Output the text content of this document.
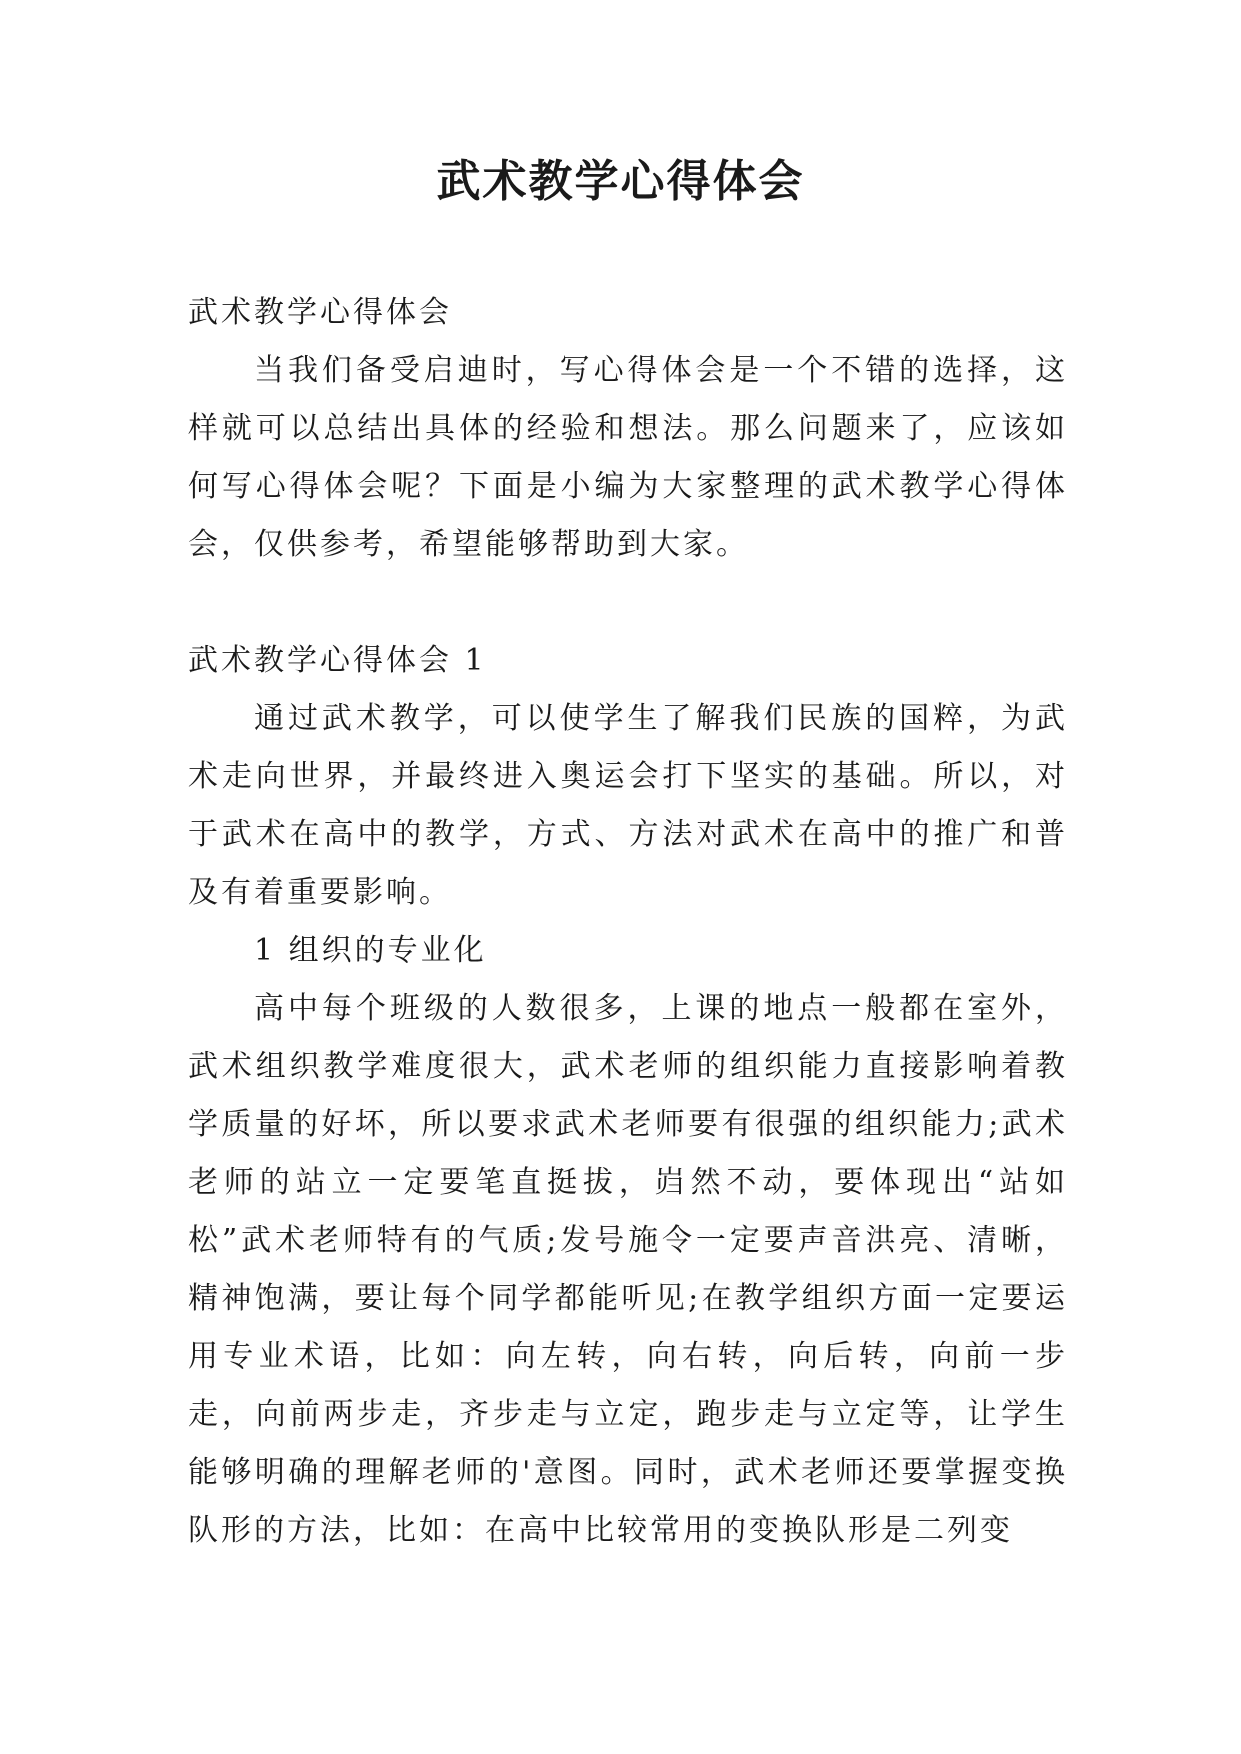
武术教学心得体会

武术教学心得体会

当我们备受启迪时，写心得体会是一个不错的选择，这样就可以总结出具体的经验和想法。那么问题来了，应该如何写心得体会呢？下面是小编为大家整理的武术教学心得体会，仅供参考，希望能够帮助到大家。

武术教学心得体会 1

通过武术教学，可以使学生了解我们民族的国粹，为武术走向世界，并最终进入奥运会打下坚实的基础。所以，对于武术在高中的教学，方式、方法对武术在高中的推广和普及有着重要影响。

1 组织的专业化

高中每个班级的人数很多，上课的地点一般都在室外，武术组织教学难度很大，武术老师的组织能力直接影响着教学质量的好坏，所以要求武术老师要有很强的组织能力;武术老师的站立一定要笔直挺拔，岿然不动，要体现出“站如松”武术老师特有的气质;发号施令一定要声音洪亮、清晰，精神饱满，要让每个同学都能听见;在教学组织方面一定要运用专业术语，比如：向左转，向右转，向后转，向前一步走，向前两步走，齐步走与立定，跑步走与立定等，让学生能够明确的理解老师的'意图。同时，武术老师还要掌握变换队形的方法，比如：在高中比较常用的变换队形是二列变
